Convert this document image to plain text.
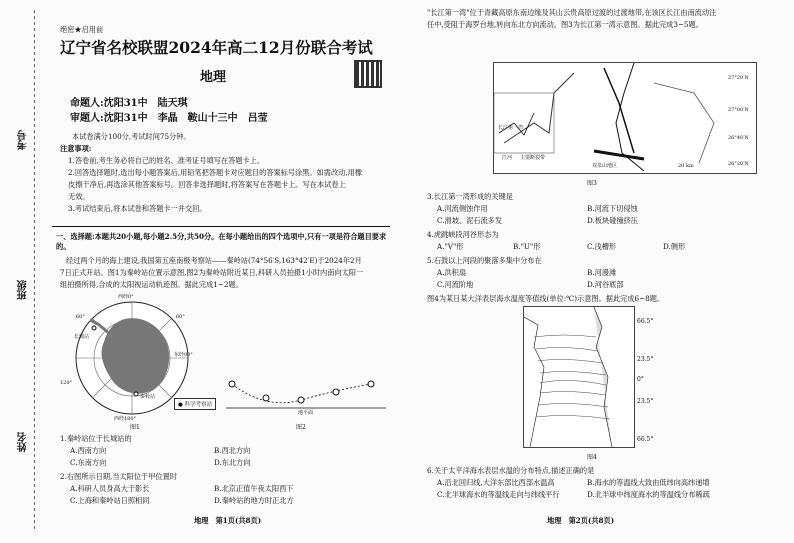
绝密★启用前
辽宁省名校联盟2024年高二12月份联合考试
地理
命题人:沈阳31中　陆天琪
审题人:沈阳31中　李晶　鞍山十三中　吕莹
本试卷满分100分,考试时间75分钟。
注意事项:
1.答卷前,考生务必将自己的姓名、准考证号填写在答题卡上。
2.回答选择题时,选出每小题答案后,用铅笔把答题卡对应题目的答案标号涂黑。如需改动,用橡
皮擦干净后,再选涂其他答案标号。回答非选择题时,将答案写在答题卡上。写在本试卷上
无效。
3.考试结束后,将本试卷和答题卡一并交回。
一、选择题:本题共20小题,每小题2.5分,共50分。在每小题给出的四个选项中,只有一项是符合题目要求的。
经过两个月的海上建设,我国第五座南极考察站——秦岭站(74°56′S,163°42′E)于2024年2月
7日正式开站。图1为秦岭站位置示意图,图2为秦岭站附近某日,科研人员拍摄1小时内南向太阳一
组拍摄所得,合成的太阳视运动轨迹图。据此完成1~2题。
西经0°
120°
东经90°
西经180°
60°
60°
秦岭站
长城站
● 科学考察站
图1
地平面
图2
1.秦岭站位于长城站的
A.西南方向	B.西北方向
C.东南方向	D.东北方向
2.右图所示日期,当太阳位于甲位置时
A.科研人员身高大于影长	B.北京正值午夜太阳西下
C.上海和秦岭站日照相同	D.秦岭站的地方时正北方
地理　第1页(共8页)
考号
班级
姓名
"长江第一湾"位于青藏高原东南边缘及其山云贵高原过渡的过渡地带,在该区长江由南流动注
任中,受阻于海罗台地,转向东北方向流动。图3为长江第一湾示意图。据此完成3~5题。
27°20′N
27°00′N
26°40′N
26°20′N
长江第一湾
双泉山地区	20 km
江河 主要断裂带
图3
3.长江第一湾形成的关键是
A.河流侧蚀作用	B.河流下切侵蚀
C.滑坡、泥石流多发	D.板块碰撞挤压
4.虎跳峡段河谷形态为
A."V"形	B."U"形	C.浅槽形	D.侧形
5.石鼓以上河段的聚落多集中分布在
A.洪积扇	B.河漫滩
C.河流阶地	D.河谷底部
图4为某日某大洋表层海水温度等值线(单位:℃)示意图。据此完成6~8题。
66.5°
23.5°
0°
23.5°
66.5°
图4
6.关于太平洋海水表层水温的分布特点,描述正确的是
A.沿北回归线,大洋东部比西部水温高	B.海水的等温线大致由低纬向高纬递增
C.北半球海水的等温线走向与纬线平行	D.北半球中纬度海水的等温线分布稀疏
地理　第2页(共8页)
